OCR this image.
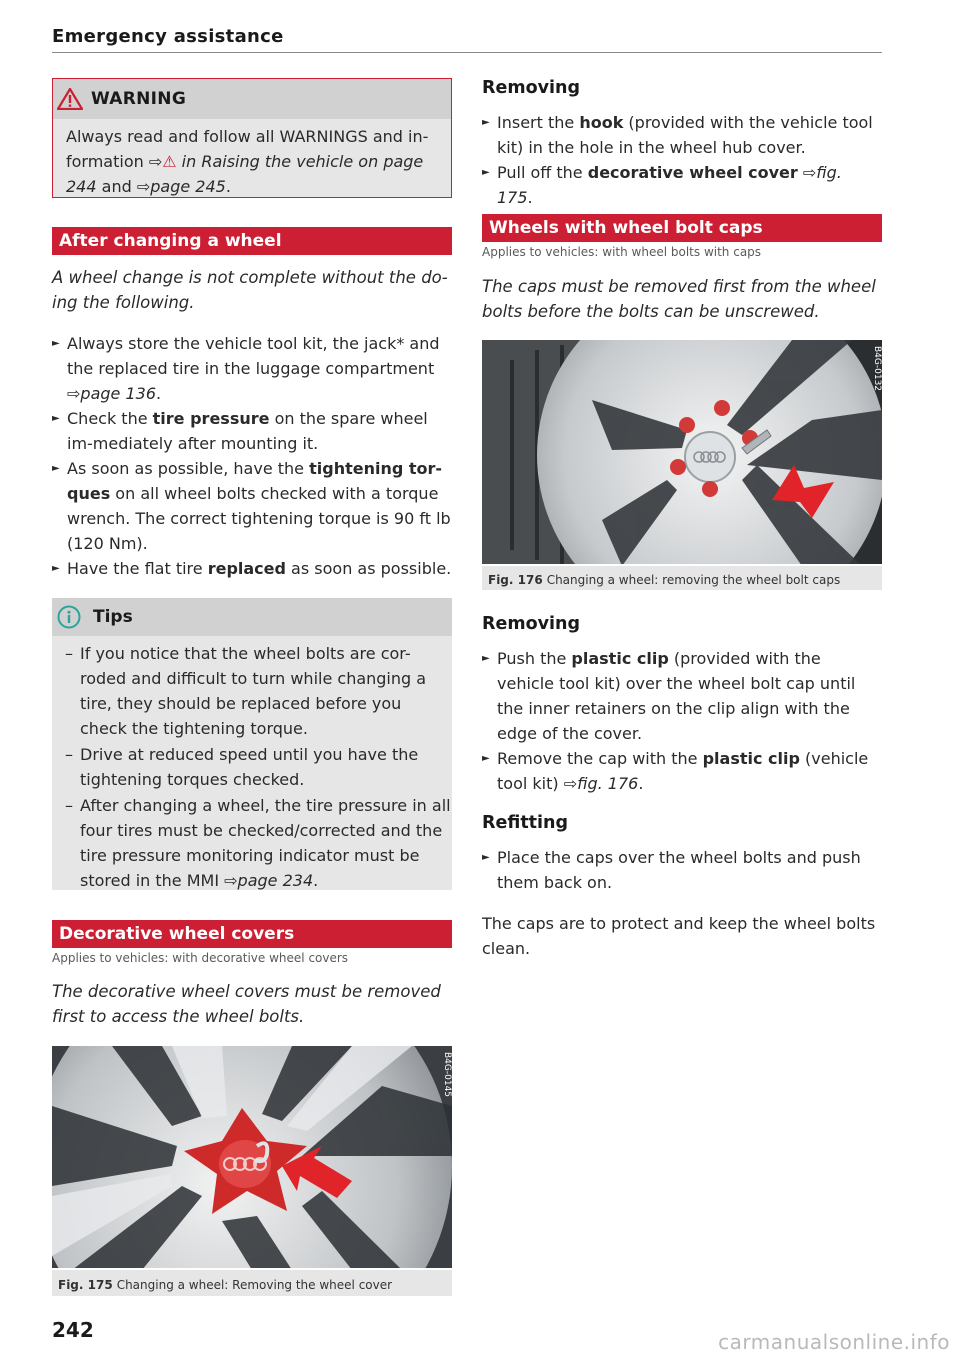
Emergency assistance
WARNING
Always read and follow all WARNINGS and in-formation ⇨⚠ in Raising the vehicle on page 244 and ⇨page 245.
After changing a wheel
A wheel change is not complete without the do-ing the following.
► Always store the vehicle tool kit, the jack* and the replaced tire in the luggage compartment ⇨page 136.
► Check the tire pressure on the spare wheel im-mediately after mounting it.
► As soon as possible, have the tightening tor-ques on all wheel bolts checked with a torque wrench. The correct tightening torque is 90 ft lb (120 Nm).
► Have the flat tire replaced as soon as possible.
Tips
– If you notice that the wheel bolts are cor-roded and difficult to turn while changing a tire, they should be replaced before you check the tightening torque.
– Drive at reduced speed until you have the tightening torques checked.
– After changing a wheel, the tire pressure in all four tires must be checked/corrected and the tire pressure monitoring indicator must be stored in the MMI ⇨page 234.
Decorative wheel covers
Applies to vehicles: with decorative wheel covers
The decorative wheel covers must be removed first to access the wheel bolts.
B4G-0145
Fig. 175 Changing a wheel: Removing the wheel cover
Removing
► Insert the hook (provided with the vehicle tool kit) in the hole in the wheel hub cover.
► Pull off the decorative wheel cover ⇨fig. 175.
Wheels with wheel bolt caps
Applies to vehicles: with wheel bolts with caps
The caps must be removed first from the wheel bolts before the bolts can be unscrewed.
B4G-0132
Fig. 176 Changing a wheel: removing the wheel bolt caps
Removing
► Push the plastic clip (provided with the vehicle tool kit) over the wheel bolt cap until the inner retainers on the clip align with the edge of the cover.
► Remove the cap with the plastic clip (vehicle tool kit) ⇨fig. 176.
Refitting
► Place the caps over the wheel bolts and push them back on.
The caps are to protect and keep the wheel bolts clean.
242	carmanualsonline.info
